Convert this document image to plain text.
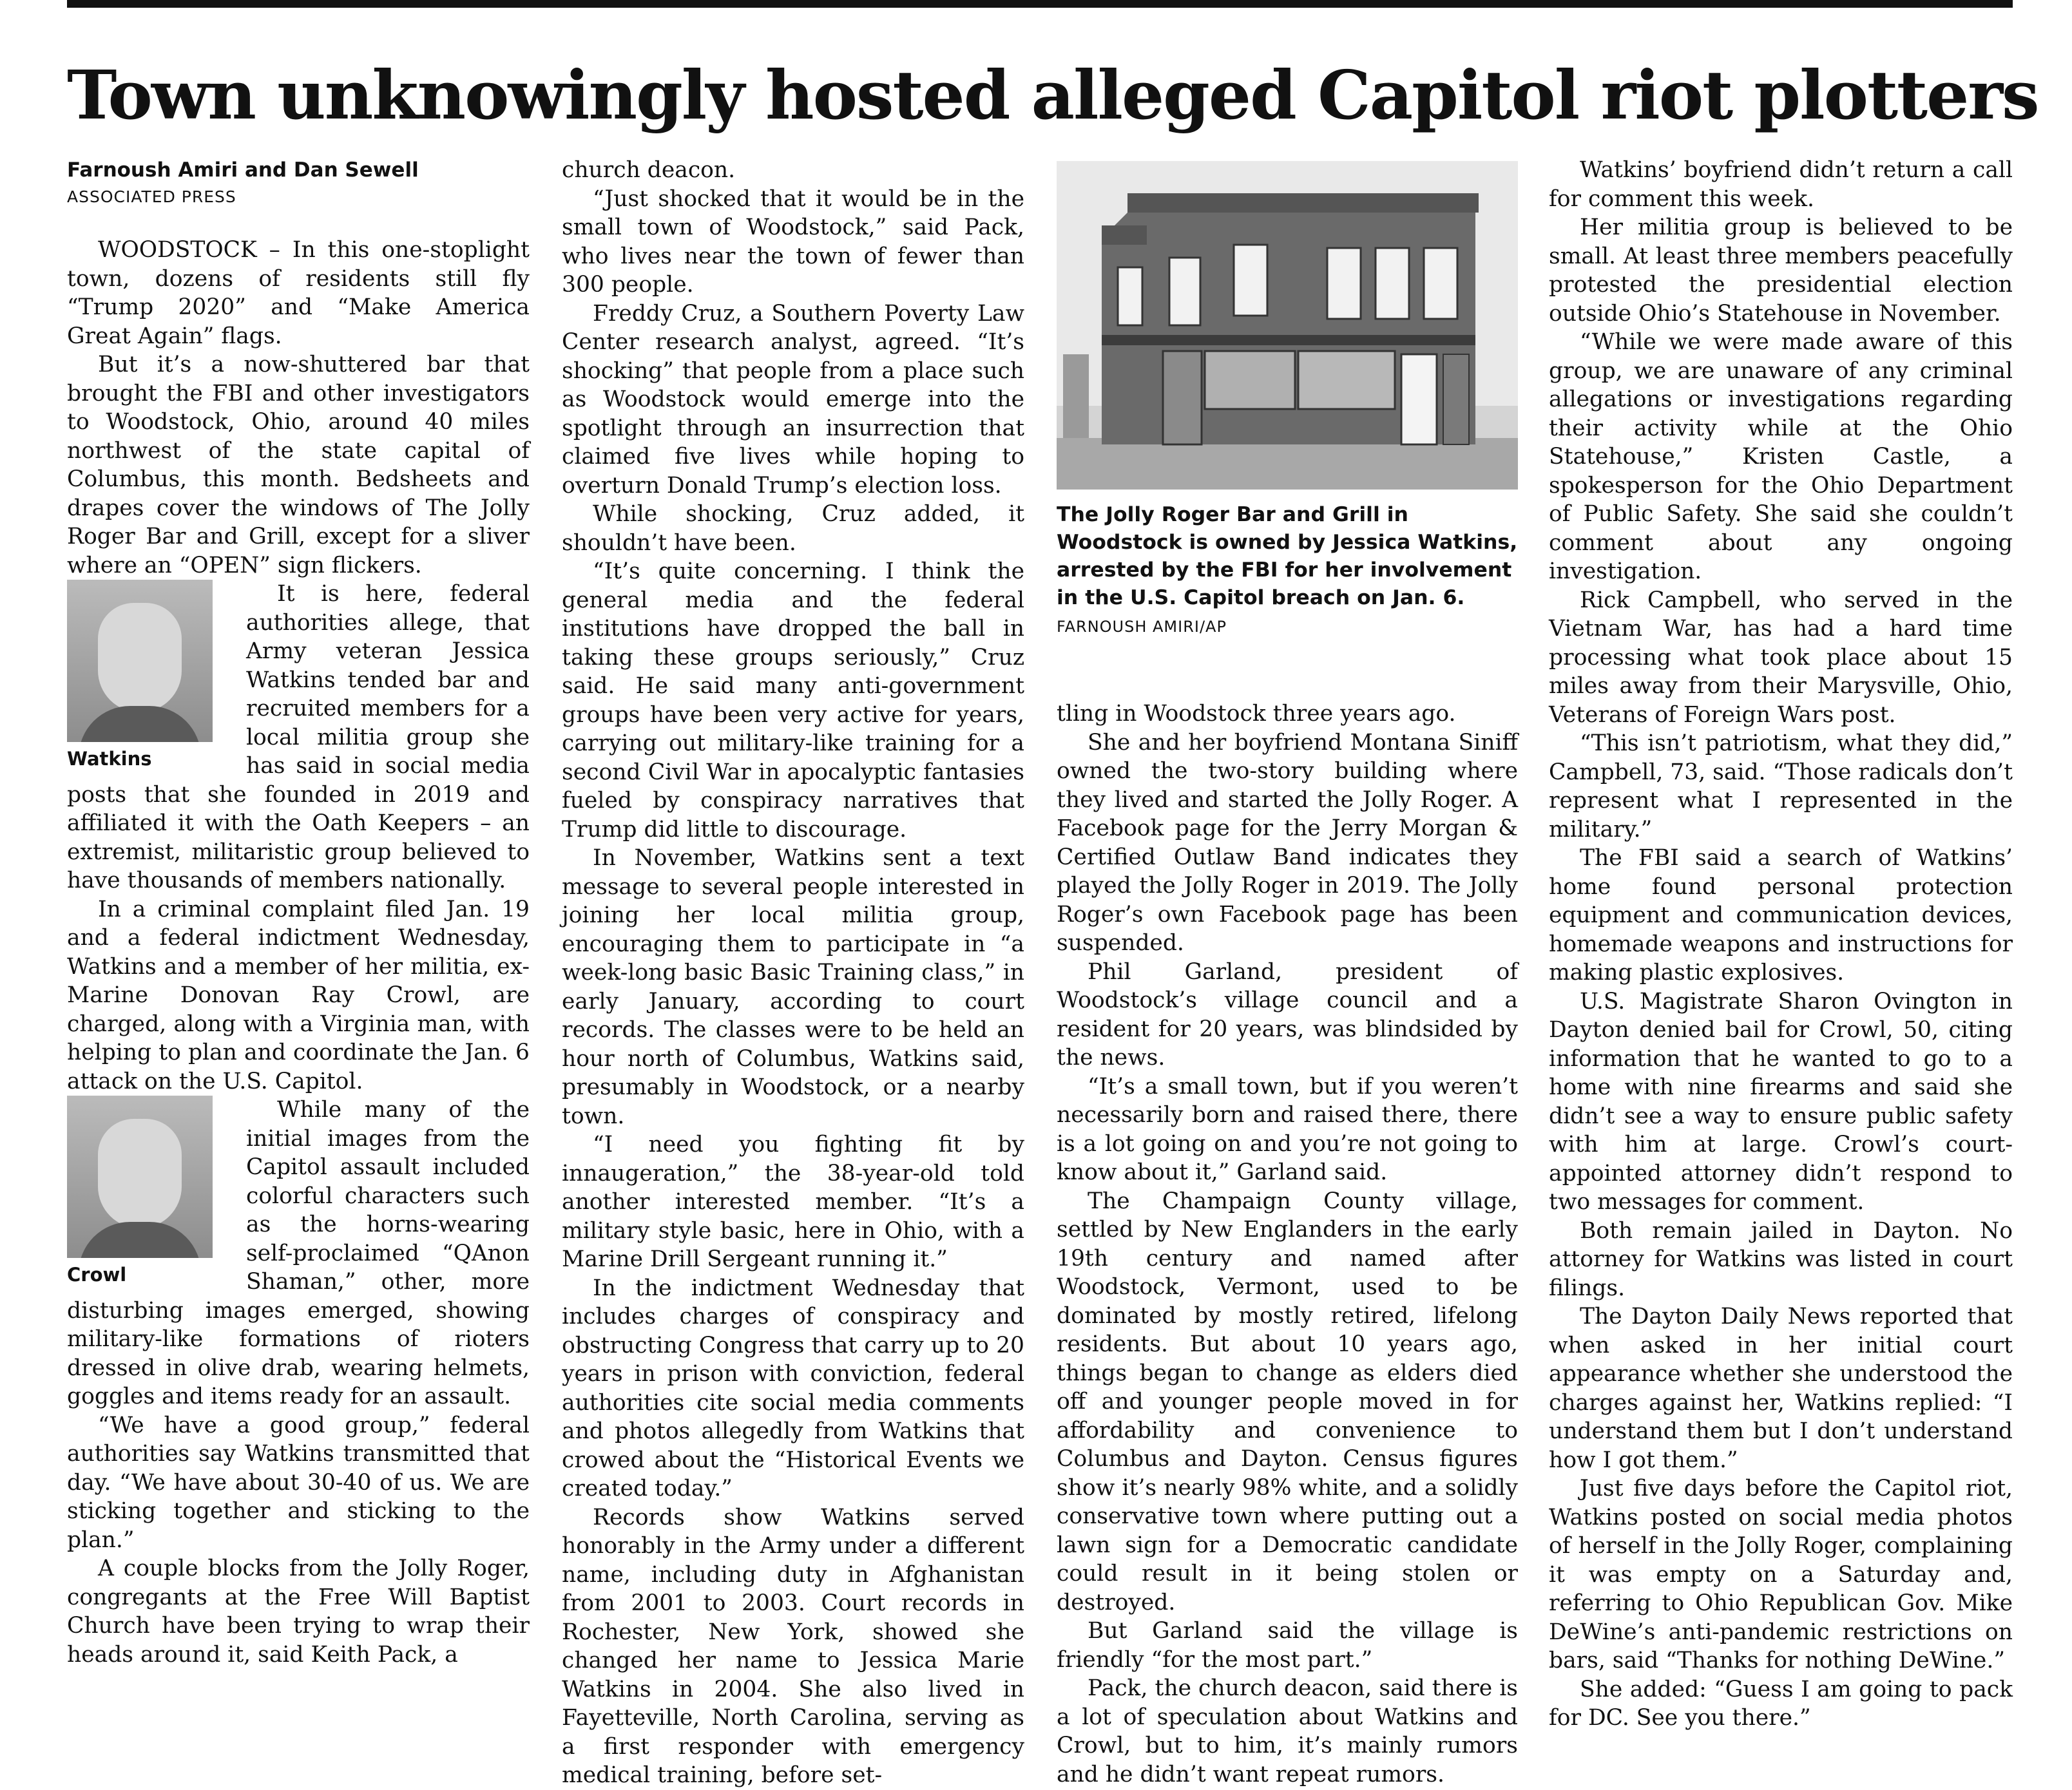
Town unknowingly hosted alleged Capitol riot plotters
Farnoush Amiri and Dan Sewell
ASSOCIATED PRESS

WOODSTOCK – In this one-stoplight town, dozens of residents still fly “Trump 2020” and “Make America Great Again” flags.

But it’s a now-shuttered bar that brought the FBI and other investigators to Woodstock, Ohio, around 40 miles northwest of the state capital of Columbus, this month. Bedsheets and drapes cover the windows of The Jolly Roger Bar and Grill, except for a sliver where an “OPEN” sign flickers.

Watkins

It is here, federal authorities allege, that Army veteran Jessica Watkins tended bar and recruited members for a local militia group she has said in social media posts that she founded in 2019 and affiliated it with the Oath Keepers – an extremist, militaristic group believed to have thousands of members nationally.

In a criminal complaint filed Jan. 19 and a federal indictment Wednesday, Watkins and a member of her militia, ex-Marine Donovan Ray Crowl, are charged, along with a Virginia man, with helping to plan and coordinate the Jan. 6 attack on the U.S. Capitol.

Crowl

While many of the initial images from the Capitol assault included colorful characters such as the horns-wearing self-proclaimed “QAnon Shaman,” other, more disturbing images emerged, showing military-like formations of rioters dressed in olive drab, wearing helmets, goggles and items ready for an assault.

“We have a good group,” federal authorities say Watkins transmitted that day. “We have about 30-40 of us. We are sticking together and sticking to the plan.”

A couple blocks from the Jolly Roger, congregants at the Free Will Baptist Church have been trying to wrap their heads around it, said Keith Pack, a

church deacon.

“Just shocked that it would be in the small town of Woodstock,” said Pack, who lives near the town of fewer than 300 people.

Freddy Cruz, a Southern Poverty Law Center research analyst, agreed. “It’s shocking” that people from a place such as Woodstock would emerge into the spotlight through an insurrection that claimed five lives while hoping to overturn Donald Trump’s election loss.

While shocking, Cruz added, it shouldn’t have been.

“It’s quite concerning. I think the general media and the federal institutions have dropped the ball in taking these groups seriously,” Cruz said. He said many anti-government groups have been very active for years, carrying out military-like training for a second Civil War in apocalyptic fantasies fueled by conspiracy narratives that Trump did little to discourage.

In November, Watkins sent a text message to several people interested in joining her local militia group, encouraging them to participate in “a week-long basic Basic Training class,” in early January, according to court records. The classes were to be held an hour north of Columbus, Watkins said, presumably in Woodstock, or a nearby town.

“I need you fighting fit by innaugeration,” the 38-year-old told another interested member. “It’s a military style basic, here in Ohio, with a Marine Drill Sergeant running it.”

In the indictment Wednesday that includes charges of conspiracy and obstructing Congress that carry up to 20 years in prison with conviction, federal authorities cite social media comments and photos allegedly from Watkins that crowed about the “Historical Events we created today.”

Records show Watkins served honorably in the Army under a different name, including duty in Afghanistan from 2001 to 2003. Court records in Rochester, New York, showed she changed her name to Jessica Marie Watkins in 2004. She also lived in Fayetteville, North Carolina, serving as a first responder with emergency medical training, before set-

The Jolly Roger Bar and Grill in Woodstock is owned by Jessica Watkins, arrested by the FBI for her involvement in the U.S. Capitol breach on Jan. 6. FARNOUSH AMIRI/AP

tling in Woodstock three years ago.

She and her boyfriend Montana Siniff owned the two-story building where they lived and started the Jolly Roger. A Facebook page for the Jerry Morgan & Certified Outlaw Band indicates they played the Jolly Roger in 2019. The Jolly Roger’s own Facebook page has been suspended.

Phil Garland, president of Woodstock’s village council and a resident for 20 years, was blindsided by the news.

“It’s a small town, but if you weren’t necessarily born and raised there, there is a lot going on and you’re not going to know about it,” Garland said.

The Champaign County village, settled by New Englanders in the early 19th century and named after Woodstock, Vermont, used to be dominated by mostly retired, lifelong residents. But about 10 years ago, things began to change as elders died off and younger people moved in for affordability and convenience to Columbus and Dayton. Census figures show it’s nearly 98% white, and a solidly conservative town where putting out a lawn sign for a Democratic candidate could result in it being stolen or destroyed.

But Garland said the village is friendly “for the most part.”

Pack, the church deacon, said there is a lot of speculation about Watkins and Crowl, but to him, it’s mainly rumors and he didn’t want repeat rumors.

Watkins’ boyfriend didn’t return a call for comment this week.

Her militia group is believed to be small. At least three members peacefully protested the presidential election outside Ohio’s Statehouse in November.

“While we were made aware of this group, we are unaware of any criminal allegations or investigations regarding their activity while at the Ohio Statehouse,” Kristen Castle, a spokesperson for the Ohio Department of Public Safety. She said she couldn’t comment about any ongoing investigation.

Rick Campbell, who served in the Vietnam War, has had a hard time processing what took place about 15 miles away from their Marysville, Ohio, Veterans of Foreign Wars post.

“This isn’t patriotism, what they did,” Campbell, 73, said. “Those radicals don’t represent what I represented in the military.”

The FBI said a search of Watkins’ home found personal protection equipment and communication devices, homemade weapons and instructions for making plastic explosives.

U.S. Magistrate Sharon Ovington in Dayton denied bail for Crowl, 50, citing information that he wanted to go to a home with nine firearms and said she didn’t see a way to ensure public safety with him at large. Crowl’s court-appointed attorney didn’t respond to two messages for comment.

Both remain jailed in Dayton. No attorney for Watkins was listed in court filings.

The Dayton Daily News reported that when asked in her initial court appearance whether she understood the charges against her, Watkins replied: “I understand them but I don’t understand how I got them.”

Just five days before the Capitol riot, Watkins posted on social media photos of herself in the Jolly Roger, complaining it was empty on a Saturday and, referring to Ohio Republican Gov. Mike DeWine’s anti-pandemic restrictions on bars, said “Thanks for nothing DeWine.”

She added: “Guess I am going to pack for DC. See you there.”
